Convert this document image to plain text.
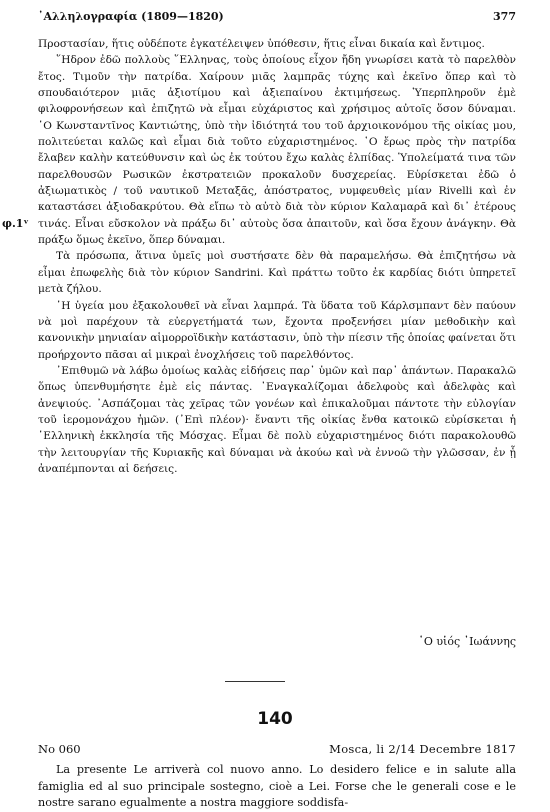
᾿Αλληλογραφία (1809—1820)	377
φ.1ᵛ

Προστασίαν, ἥτις οὐδέποτε ἐγκατέλειψεν ὑπόθεσιν, ἥτις εἶναι δικαία καὶ ἔντιμος.

῞Ηδρον ἐδῶ πολλοὺς ῞Ελληνας, τοὺς ὁποίους εἶχον ἤδη γνωρίσει κατὰ τὸ παρελθὸν ἔτος. Τιμοῦν τὴν πατρίδα. Χαίρουν μιᾶς λαμπρᾶς τύχης καὶ ἐκεῖνο ὅπερ καὶ τὸ σπουδαιότερον μιᾶς ἀξιοτίμου καὶ ἀξιεπαίνου ἐκτιμήσεως. Ὑπερπληροῦν ἐμὲ φιλοφρονήσεων καὶ ἐπιζητῶ νὰ εἶμαι εὐχάριστος καὶ χρήσιμος αὐτοῖς ὅσον δύναμαι. ῾Ο Κωνσταντῖνος Καντιώτης, ὑπὸ τὴν ἰδιότητά του τοῦ ἀρχιοικονόμου τῆς οἰκίας μου, πολιτεύεται καλῶς καὶ εἶμαι διὰ τοῦτο εὐχαριστημένος. ῾Ο ἔρως πρὸς τὴν πατρίδα ἔλαβεν καλὴν κατεύθυνσιν καὶ ὡς ἐκ τούτου ἔχω καλὰς ἐλπίδας. Ὑπολείματά τινα τῶν παρελθουσῶν Ρωσικῶν ἐκστρατειῶν προκαλοῦν δυσχερείας. Εὑρίσκεται ἐδῶ ὁ ἀξιωματικὸς / τοῦ ναυτικοῦ Μεταξᾶς, ἀπόστρατος, νυμφευθεὶς μίαν Rivelli καὶ ἐν καταστάσει ἀξιοδακρύτου. Θὰ εἴπω τὸ αὐτὸ διὰ τὸν κύριον Καλαμαρᾶ καὶ δι᾿ ἑτέρους τινάς. Εἶναι εὔσκολον νὰ πράξω δι᾿ αὐτοὺς ὅσα ἀπαιτοῦν, καὶ ὅσα ἔχουν ἀνάγκην. Θὰ πράξω ὅμως ἐκεῖνο, ὅπερ δύναμαι.

Τὰ πρόσωπα, ἅτινα ὑμεῖς μοὶ συστήσατε δὲν θὰ παραμελήσω. Θὰ ἐπιζητήσω νὰ εἶμαι ἐπωφελὴς διὰ τὸν κύριον Sandrini. Καὶ πράττω τοῦτο ἐκ καρδίας διότι ὑπηρετεῖ μετὰ ζήλου.

῾Η ὑγεία μου ἐξακολουθεῖ νὰ εἶναι λαμπρά. Τὰ ὕδατα τοῦ Κάρλσμπαντ δὲν παύουν νὰ μοὶ παρέχουν τὰ εὐεργετήματά των, ἔχοντα προξενήσει μίαν μεθοδικὴν καὶ κανονικὴν μηνιαίαν αἱμορροϊδικὴν κατάστασιν, ὑπὸ τὴν πίεσιν τῆς ὁποίας φαίνεται ὅτι προήρχοντο πᾶσαι αἱ μικραὶ ἐνοχλήσεις τοῦ παρελθόντος.

᾿Επιθυμῶ νὰ λάβω ὁμοίως καλὰς εἰδήσεις παρ᾿ ὑμῶν καὶ παρ᾿ ἁπάντων. Παρακαλῶ ὅπως ὑπενθυμήσητε ἐμὲ εἰς πάντας. ᾿Εναγκαλίζομαι ἀδελφοὺς καὶ ἀδελφὰς καὶ ἀνεψιούς. ᾿Ασπάζομαι τὰς χεῖρας τῶν γονέων καὶ ἐπικαλοῦμαι πάντοτε τὴν εὐλογίαν τοῦ ἱερομονάχου ἡμῶν. (᾿Επὶ πλέον)· ἔναντι τῆς οἰκίας ἔνθα κατοικῶ εὑρίσκεται ἡ ῾Ελληνικὴ ἐκκλησία τῆς Μόσχας. Εἶμαι δὲ πολὺ εὐχαριστημένος διότι παρακολουθῶ τὴν λειτουργίαν τῆς Κυριακῆς καὶ δύναμαι νὰ ἀκούω καὶ νὰ ἐννοῶ τὴν γλῶσσαν, ἐν ᾗ ἀναπέμπονται αἱ δεήσεις.

῾Ο υἱός ᾿Ιωάννης
140
No 060	Mosca, li 2/14 Decembre 1817

La presente Le arriverà col nuovo anno. Lo desidero felice e in salute alla famiglia ed al suo principale sostegno, cioè a Lei. Forse che le generali cose e le nostre sarano egualmente a nostra maggiore soddisfa-
